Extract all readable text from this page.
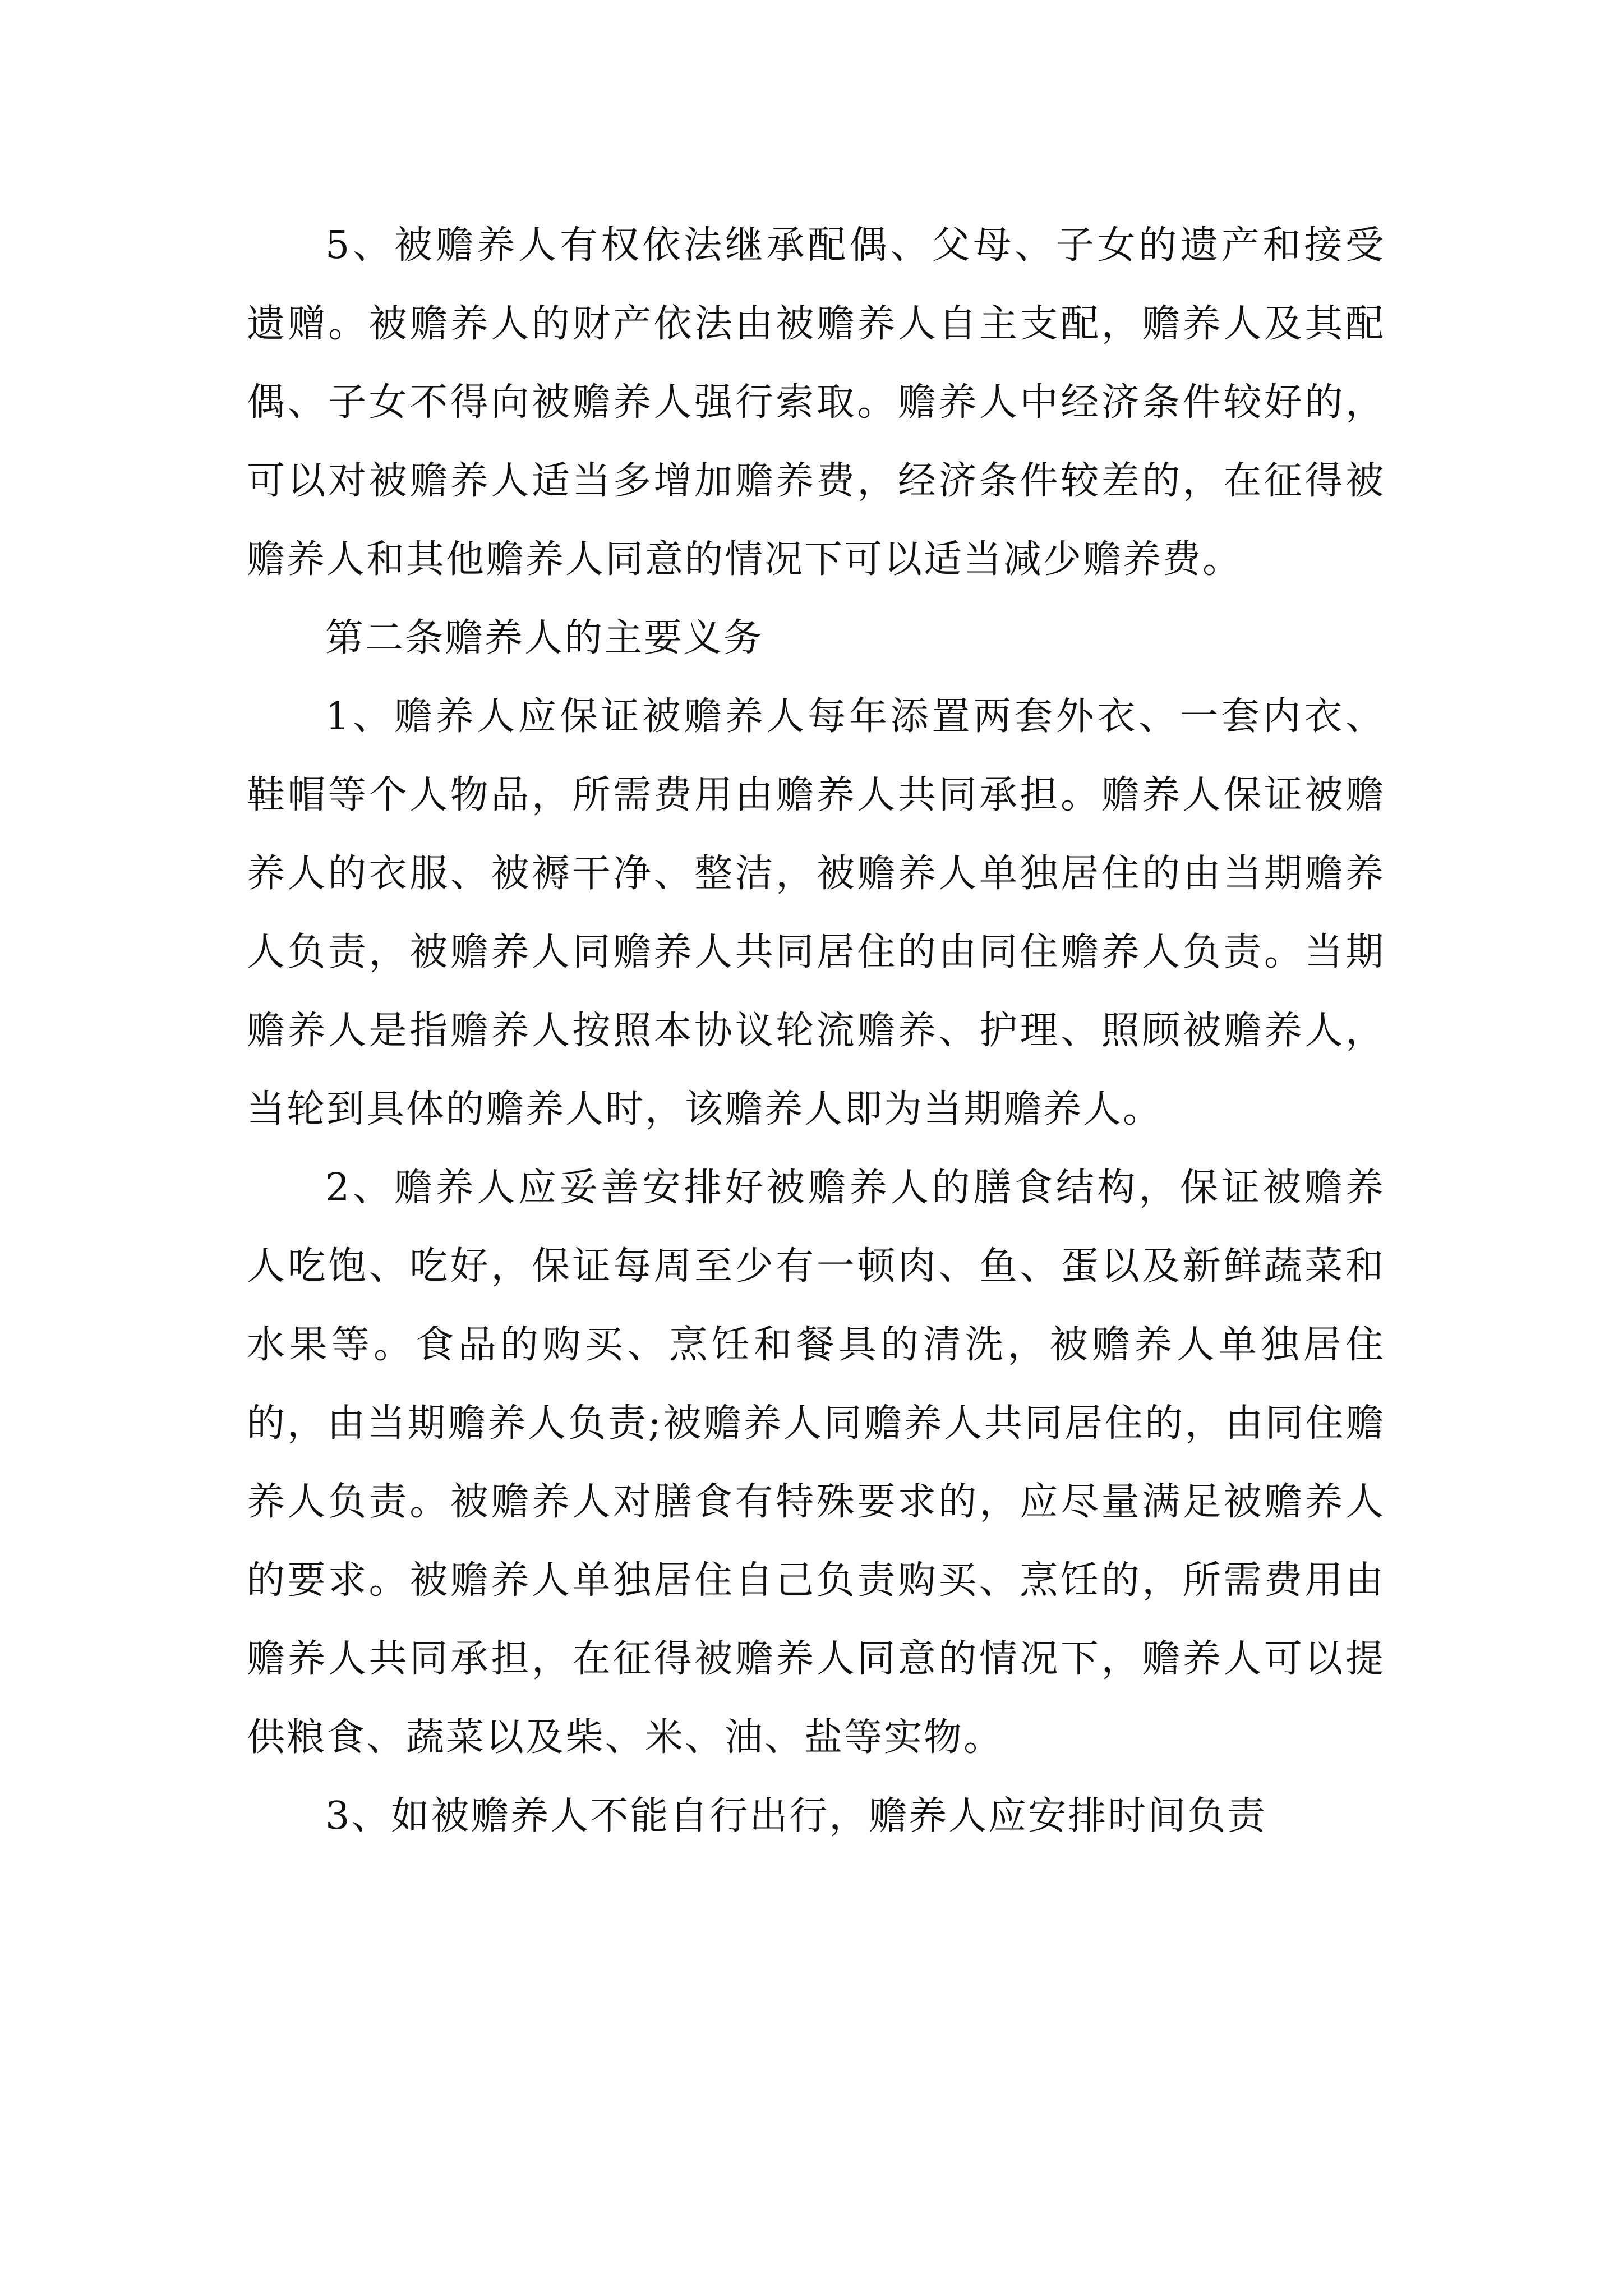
5、被赡养人有权依法继承配偶、父母、子女的遗产和接受遗赠。被赡养人的财产依法由被赡养人自主支配，赡养人及其配偶、子女不得向被赡养人强行索取。赡养人中经济条件较好的，可以对被赡养人适当多增加赡养费，经济条件较差的，在征得被赡养人和其他赡养人同意的情况下可以适当减少赡养费。

第二条赡养人的主要义务

1、赡养人应保证被赡养人每年添置两套外衣、一套内衣、鞋帽等个人物品，所需费用由赡养人共同承担。赡养人保证被赡养人的衣服、被褥干净、整洁，被赡养人单独居住的由当期赡养人负责，被赡养人同赡养人共同居住的由同住赡养人负责。当期赡养人是指赡养人按照本协议轮流赡养、护理、照顾被赡养人，当轮到具体的赡养人时，该赡养人即为当期赡养人。

2、赡养人应妥善安排好被赡养人的膳食结构，保证被赡养人吃饱、吃好，保证每周至少有一顿肉、鱼、蛋以及新鲜蔬菜和水果等。食品的购买、烹饪和餐具的清洗，被赡养人单独居住的，由当期赡养人负责;被赡养人同赡养人共同居住的，由同住赡养人负责。被赡养人对膳食有特殊要求的，应尽量满足被赡养人的要求。被赡养人单独居住自己负责购买、烹饪的，所需费用由赡养人共同承担，在征得被赡养人同意的情况下，赡养人可以提供粮食、蔬菜以及柴、米、油、盐等实物。

3、如被赡养人不能自行出行，赡养人应安排时间负责
